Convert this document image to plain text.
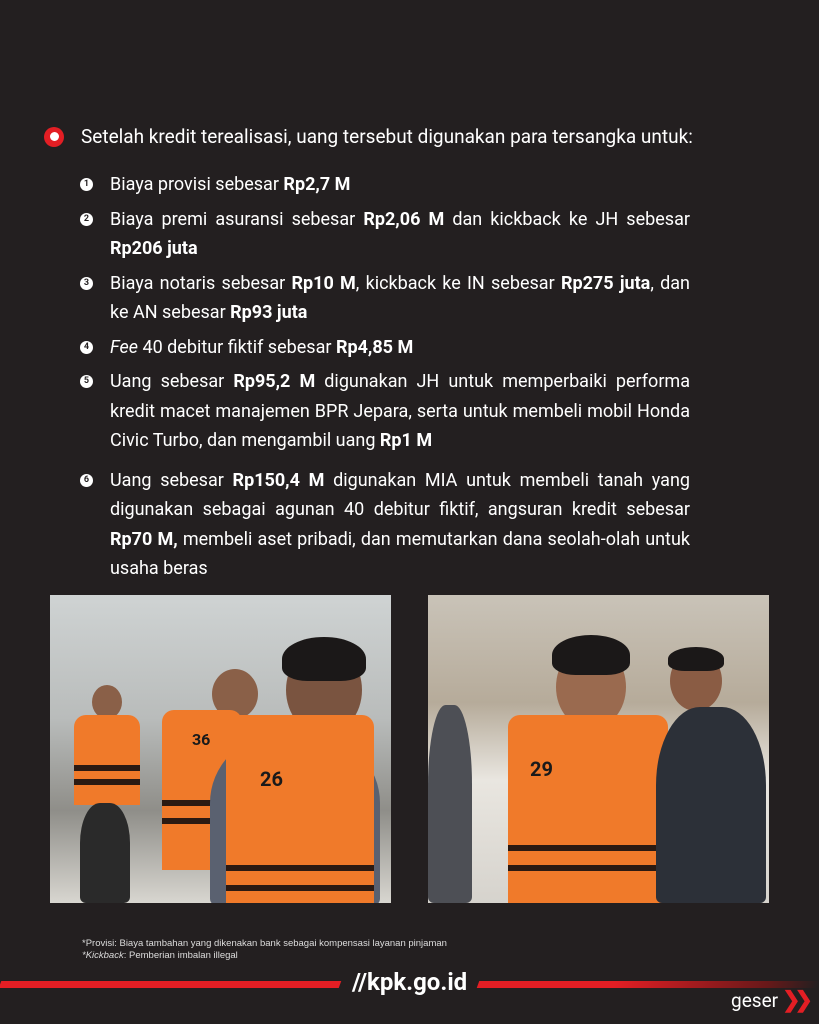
Setelah kredit terealisasi, uang tersebut digunakan para tersangka untuk:
1 Biaya provisi sebesar Rp2,7 M
2 Biaya premi asuransi sebesar Rp2,06 M dan kickback ke JH sebesar Rp206 juta
3 Biaya notaris sebesar Rp10 M, kickback ke IN sebesar Rp275 juta, dan ke AN sebesar Rp93 juta
4 Fee 40 debitur fiktif sebesar Rp4,85 M
5 Uang sebesar Rp95,2 M digunakan JH untuk memperbaiki performa kredit macet manajemen BPR Jepara, serta untuk membeli mobil Honda Civic Turbo, dan mengambil uang Rp1 M
6 Uang sebesar Rp150,4 M digunakan MIA untuk membeli tanah yang digunakan sebagai agunan 40 debitur fiktif, angsuran kredit sebesar Rp70 M, membeli aset pribadi, dan memutarkan dana seolah-olah untuk usaha beras
36
26	29
*Provisi: Biaya tambahan yang dikenakan bank sebagai kompensasi layanan pinjaman
*Kickback: Pemberian imbalan illegal
//kpk.go.id
geser ❯❯
